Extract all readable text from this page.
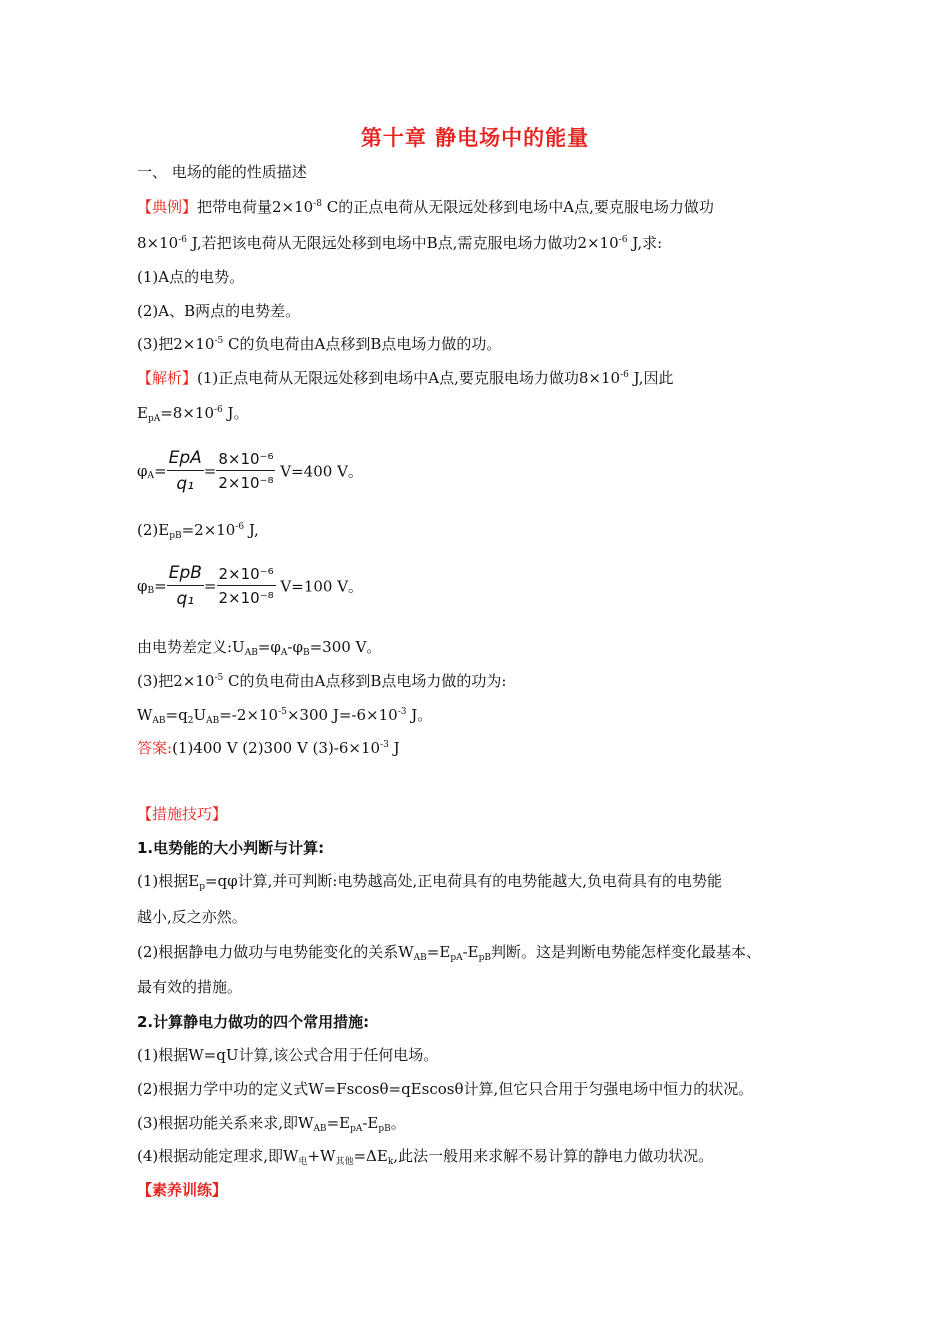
第十章 静电场中的能量
一、 电场的能的性质描述
【典例】把带电荷量$2\times 10^{-8}$ C的正点电荷从无限远处移到电场中A点,要克服电场力做功
$8\times 10^{-6}$ J,若把该电荷从无限远处移到电场中B点,需克服电场力做功$2\times 10^{-6}$ J,求:
(1)A点的电势。
(2)A、B两点的电势差。
(3)把$2\times 10^{-5}$ C的负电荷由A点移到B点电场力做的功。
【解析】(1)正点电荷从无限远处移到电场中A点,要克服电场力做功$8\times 10^{-6}$ J,因此
$E_{pA}=8\times 10^{-6}$ J。
$\varphi_A= \frac{\text{EpA}}{\text{q₁}} = \frac{\text{8×10⁻⁶}}{\text{2×10⁻⁸}} V=400$ V。
$(2)E_{pB}=2\times 10^{-6}$ J,
$\varphi_B= \frac{\text{EpB}}{\text{q₁}} = \frac{\text{2×10⁻⁶}}{\text{2×10⁻⁸}} V=100$ V。
由电势差定义$:U_{AB}=\varphi_A-\varphi_B=300$ V。
(3)把$2\times 10^{-5}$ C的负电荷由A点移到B点电场力做的功为:
$W_{AB}=q_2U_{AB}=-2\times 10^{-5}\times 300$ $J=-6\times 10^{-3}$ J。
答案:(1)400 V (2)300 V $(3)-6\times 10^{-3}$ J
【措施技巧】
1.电势能的大小判断与计算:
(1)根据$E_p=q\varphi$计算,并可判断:电势越高处,正电荷具有的电势能越大,负电荷具有的电势能
越小,反之亦然。
(2)根据静电力做功与电势能变化的关系$W_{AB}=E_{pA}-E_{pB}$判断。这是判断电势能怎样变化最基本、
最有效的措施。
2.计算静电力做功的四个常用措施:
(1)根据W=qU计算,该公式合用于任何电场。
(2)根据力学中功的定义式W=Fscosθ=qEscosθ计算,但它只合用于匀强电场中恒力的状况。
(3)根据功能关系来求,即$W_{AB}=E_{pA}-E_{pB}$。
(4)根据动能定理求,即$W_电+W_{其他}=\Delta E_k$,此法一般用来求解不易计算的静电力做功状况。
【素养训练】
